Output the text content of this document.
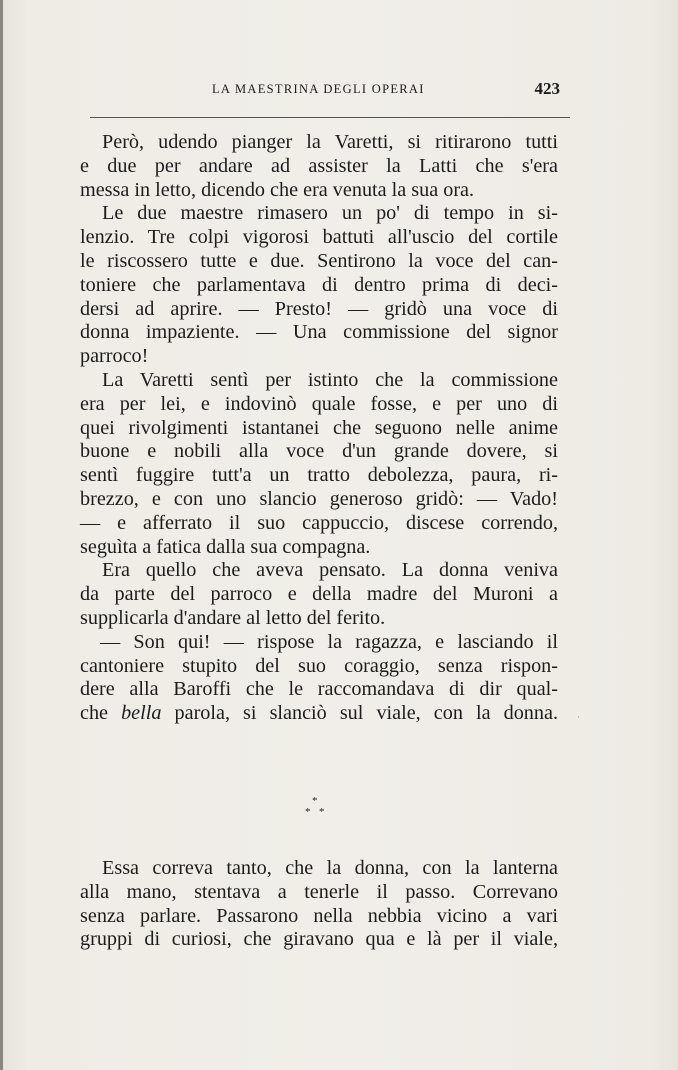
LA MAESTRINA DEGLI OPERAI	423
Però, udendo pianger la Varetti, si ritirarono tutti
e due per andare ad assister la Latti che s'era
messa in letto, dicendo che era venuta la sua ora.
Le due maestre rimasero un po' di tempo in si-
lenzio. Tre colpi vigorosi battuti all'uscio del cortile
le riscossero tutte e due. Sentirono la voce del can-
toniere che parlamentava di dentro prima di deci-
dersi ad aprire. — Presto! — gridò una voce di
donna impaziente. — Una commissione del signor
parroco!
La Varetti sentì per istinto che la commissione
era per lei, e indovinò quale fosse, e per uno di
quei rivolgimenti istantanei che seguono nelle anime
buone e nobili alla voce d'un grande dovere, si
sentì fuggire tutt'a un tratto debolezza, paura, ri-
brezzo, e con uno slancio generoso gridò: — Vado!
— e afferrato il suo cappuccio, discese correndo,
seguìta a fatica dalla sua compagna.
Era quello che aveva pensato. La donna veniva
da parte del parroco e della madre del Muroni a
supplicarla d'andare al letto del ferito.
— Son qui! — rispose la ragazza, e lasciando il
cantoniere stupito del suo coraggio, senza rispon-
dere alla Baroffi che le raccomandava di dir qual-
che bella parola, si slanciò sul viale, con la donna.
*
* *
Essa correva tanto, che la donna, con la lanterna
alla mano, stentava a tenerle il passo. Correvano
senza parlare. Passarono nella nebbia vicino a vari
gruppi di curiosi, che giravano qua e là per il viale,
·
